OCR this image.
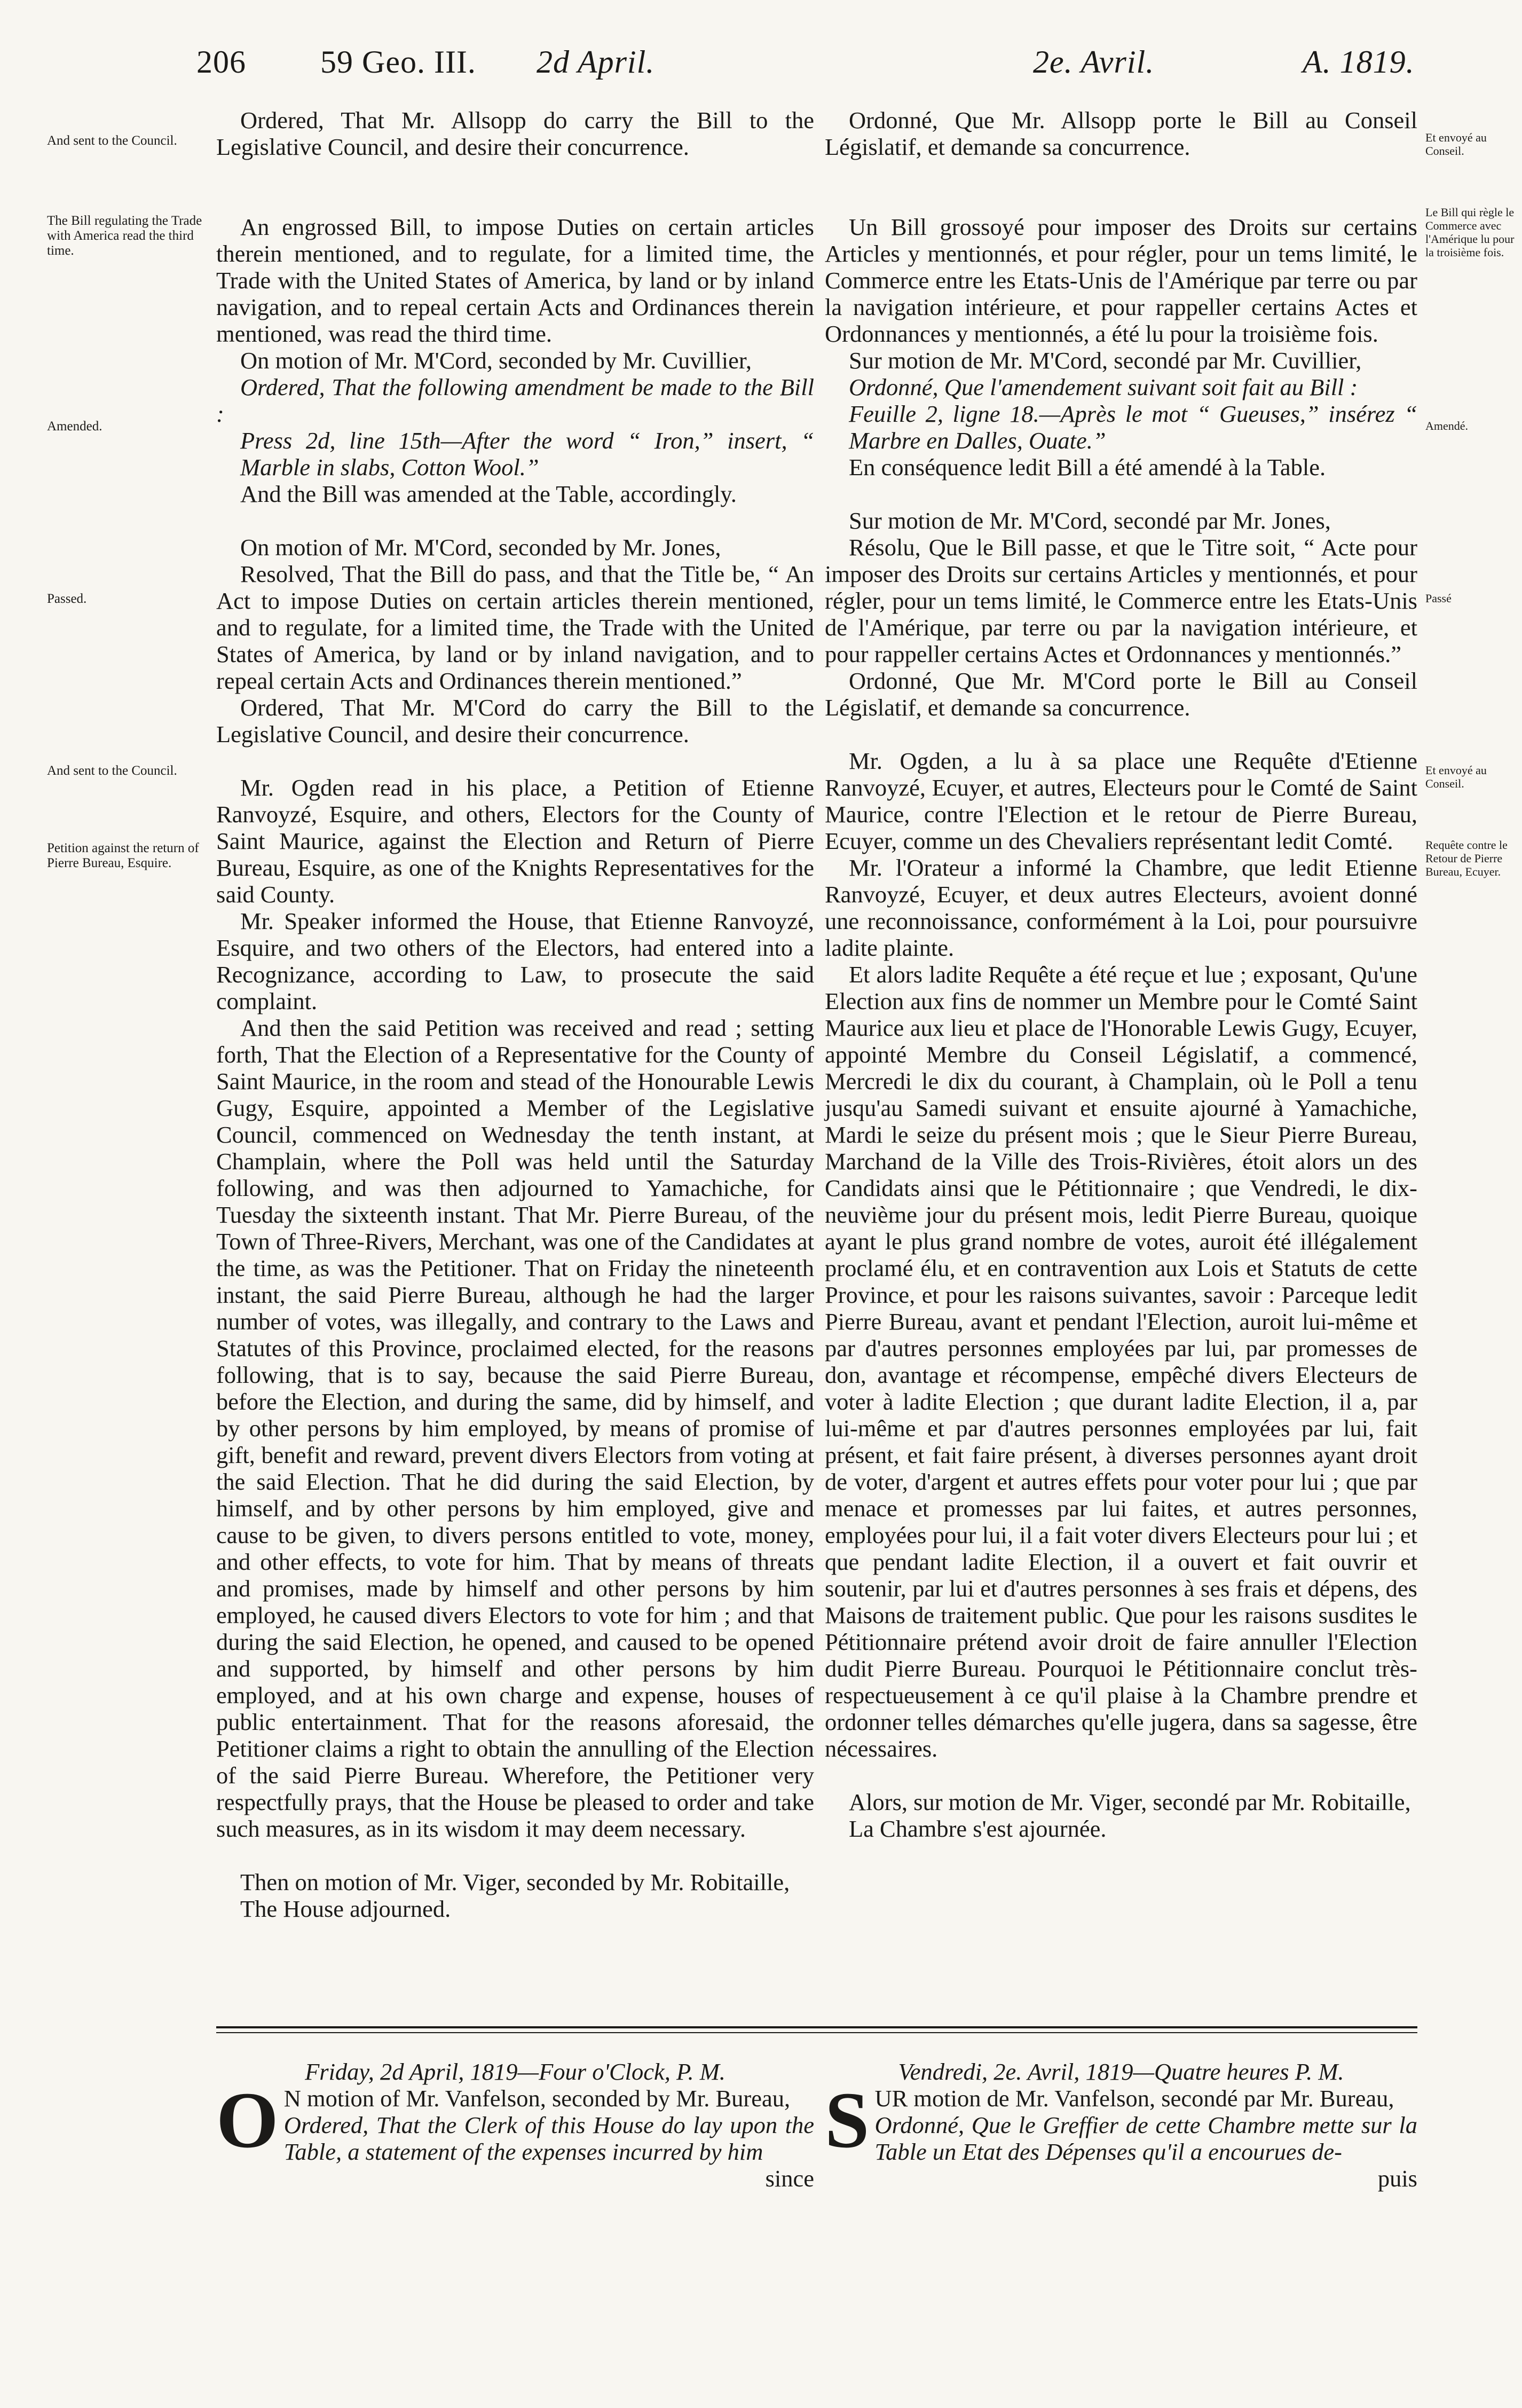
206 59 Geo. III. 2d April.	2e. Avril.	A. 1819.
And sent to the Council.
The Bill regulating the Trade with America read the third time.
Amended.
Passed.
And sent to the Council.
Petition against the return of Pierre Bureau, Esquire.
Et envoyé au Conseil.
Le Bill qui règle le Commerce avec l'Amérique lu pour la troisième fois.
Amendé.
Passé
Et envoyé au Conseil.
Requête contre le Retour de Pierre Bureau, Ecuyer.

Ordered, That Mr. Allsopp do carry the Bill to the Legislative Council, and desire their concurrence.

An engrossed Bill, to impose Duties on certain articles therein mentioned, and to regulate, for a limited time, the Trade with the United States of America, by land or by inland navigation, and to repeal certain Acts and Ordinances therein mentioned, was read the third time.

On motion of Mr. M'Cord, seconded by Mr. Cuvillier,

Ordered, That the following amendment be made to the Bill :

Press 2d, line 15th—After the word “ Iron,” insert, “ Marble in slabs, Cotton Wool.”

And the Bill was amended at the Table, accordingly.

On motion of Mr. M'Cord, seconded by Mr. Jones,

Resolved, That the Bill do pass, and that the Title be, “ An Act to impose Duties on certain articles therein mentioned, and to regulate, for a limited time, the Trade with the United States of America, by land or by inland navigation, and to repeal certain Acts and Ordinances therein mentioned.”

Ordered, That Mr. M'Cord do carry the Bill to the Legislative Council, and desire their concurrence.

Mr. Ogden read in his place, a Petition of Etienne Ranvoyzé, Esquire, and others, Electors for the County of Saint Maurice, against the Election and Return of Pierre Bureau, Esquire, as one of the Knights Representatives for the said County.

Mr. Speaker informed the House, that Etienne Ranvoyzé, Esquire, and two others of the Electors, had entered into a Recognizance, according to Law, to prosecute the said complaint.

And then the said Petition was received and read ; setting forth, That the Election of a Representative for the County of Saint Maurice, in the room and stead of the Honourable Lewis Gugy, Esquire, appointed a Member of the Legislative Council, commenced on Wednesday the tenth instant, at Champlain, where the Poll was held until the Saturday following, and was then adjourned to Yamachiche, for Tuesday the sixteenth instant. That Mr. Pierre Bureau, of the Town of Three-Rivers, Merchant, was one of the Candidates at the time, as was the Petitioner. That on Friday the nineteenth instant, the said Pierre Bureau, although he had the larger number of votes, was illegally, and contrary to the Laws and Statutes of this Province, proclaimed elected, for the reasons following, that is to say, because the said Pierre Bureau, before the Election, and during the same, did by himself, and by other persons by him employed, by means of promise of gift, benefit and reward, prevent divers Electors from voting at the said Election. That he did during the said Election, by himself, and by other persons by him employed, give and cause to be given, to divers persons entitled to vote, money, and other effects, to vote for him. That by means of threats and promises, made by himself and other persons by him employed, he caused divers Electors to vote for him ; and that during the said Election, he opened, and caused to be opened and supported, by himself and other persons by him employed, and at his own charge and expense, houses of public entertainment. That for the reasons aforesaid, the Petitioner claims a right to obtain the annulling of the Election of the said Pierre Bureau. Wherefore, the Petitioner very respectfully prays, that the House be pleased to order and take such measures, as in its wisdom it may deem necessary.

Then on motion of Mr. Viger, seconded by Mr. Robitaille,

The House adjourned.

Ordonné, Que Mr. Allsopp porte le Bill au Conseil Législatif, et demande sa concurrence.

Un Bill grossoyé pour imposer des Droits sur certains Articles y mentionnés, et pour régler, pour un tems limité, le Commerce entre les Etats-Unis de l'Amérique par terre ou par la navigation intérieure, et pour rappeller certains Actes et Ordonnances y mentionnés, a été lu pour la troisième fois.

Sur motion de Mr. M'Cord, secondé par Mr. Cuvillier,

Ordonné, Que l'amendement suivant soit fait au Bill :

Feuille 2, ligne 18.—Après le mot “ Gueuses,” insérez “ Marbre en Dalles, Ouate.”

En conséquence ledit Bill a été amendé à la Table.

Sur motion de Mr. M'Cord, secondé par Mr. Jones,

Résolu, Que le Bill passe, et que le Titre soit, “ Acte pour imposer des Droits sur certains Articles y mentionnés, et pour régler, pour un tems limité, le Commerce entre les Etats-Unis de l'Amérique, par terre ou par la navigation intérieure, et pour rappeller certains Actes et Ordonnances y mentionnés.”

Ordonné, Que Mr. M'Cord porte le Bill au Conseil Législatif, et demande sa concurrence.

Mr. Ogden, a lu à sa place une Requête d'Etienne Ranvoyzé, Ecuyer, et autres, Electeurs pour le Comté de Saint Maurice, contre l'Election et le retour de Pierre Bureau, Ecuyer, comme un des Chevaliers représentant ledit Comté.

Mr. l'Orateur a informé la Chambre, que ledit Etienne Ranvoyzé, Ecuyer, et deux autres Electeurs, avoient donné une reconnoissance, conformément à la Loi, pour poursuivre ladite plainte.

Et alors ladite Requête a été reçue et lue ; exposant, Qu'une Election aux fins de nommer un Membre pour le Comté Saint Maurice aux lieu et place de l'Honorable Lewis Gugy, Ecuyer, appointé Membre du Conseil Législatif, a commencé, Mercredi le dix du courant, à Champlain, où le Poll a tenu jusqu'au Samedi suivant et ensuite ajourné à Yamachiche, Mardi le seize du présent mois ; que le Sieur Pierre Bureau, Marchand de la Ville des Trois-Rivières, étoit alors un des Candidats ainsi que le Pétitionnaire ; que Vendredi, le dix-neuvième jour du présent mois, ledit Pierre Bureau, quoique ayant le plus grand nombre de votes, auroit été illégalement proclamé élu, et en contravention aux Lois et Statuts de cette Province, et pour les raisons suivantes, savoir : Parceque ledit Pierre Bureau, avant et pendant l'Election, auroit lui-même et par d'autres personnes employées par lui, par promesses de don, avantage et récompense, empêché divers Electeurs de voter à ladite Election ; que durant ladite Election, il a, par lui-même et par d'autres personnes employées par lui, fait présent, et fait faire présent, à diverses personnes ayant droit de voter, d'argent et autres effets pour voter pour lui ; que par menace et promesses par lui faites, et autres personnes, employées pour lui, il a fait voter divers Electeurs pour lui ; et que pendant ladite Election, il a ouvert et fait ouvrir et soutenir, par lui et d'autres personnes à ses frais et dépens, des Maisons de traitement public. Que pour les raisons susdites le Pétitionnaire prétend avoir droit de faire annuller l'Election dudit Pierre Bureau. Pourquoi le Pétitionnaire conclut très-respectueusement à ce qu'il plaise à la Chambre prendre et ordonner telles démarches qu'elle jugera, dans sa sagesse, être nécessaires.

Alors, sur motion de Mr. Viger, secondé par Mr. Robitaille,

La Chambre s'est ajournée.

Friday, 2d April, 1819—Four o'Clock, P. M.

O N motion of Mr. Vanfelson, seconded by Mr. Bureau,

Ordered, That the Clerk of this House do lay upon the Table, a statement of the expenses incurred by him

since

Vendredi, 2e. Avril, 1819—Quatre heures P. M.

S UR motion de Mr. Vanfelson, secondé par Mr. Bureau,

Ordonné, Que le Greffier de cette Chambre mette sur la Table un Etat des Dépenses qu'il a encourues de-

puis
